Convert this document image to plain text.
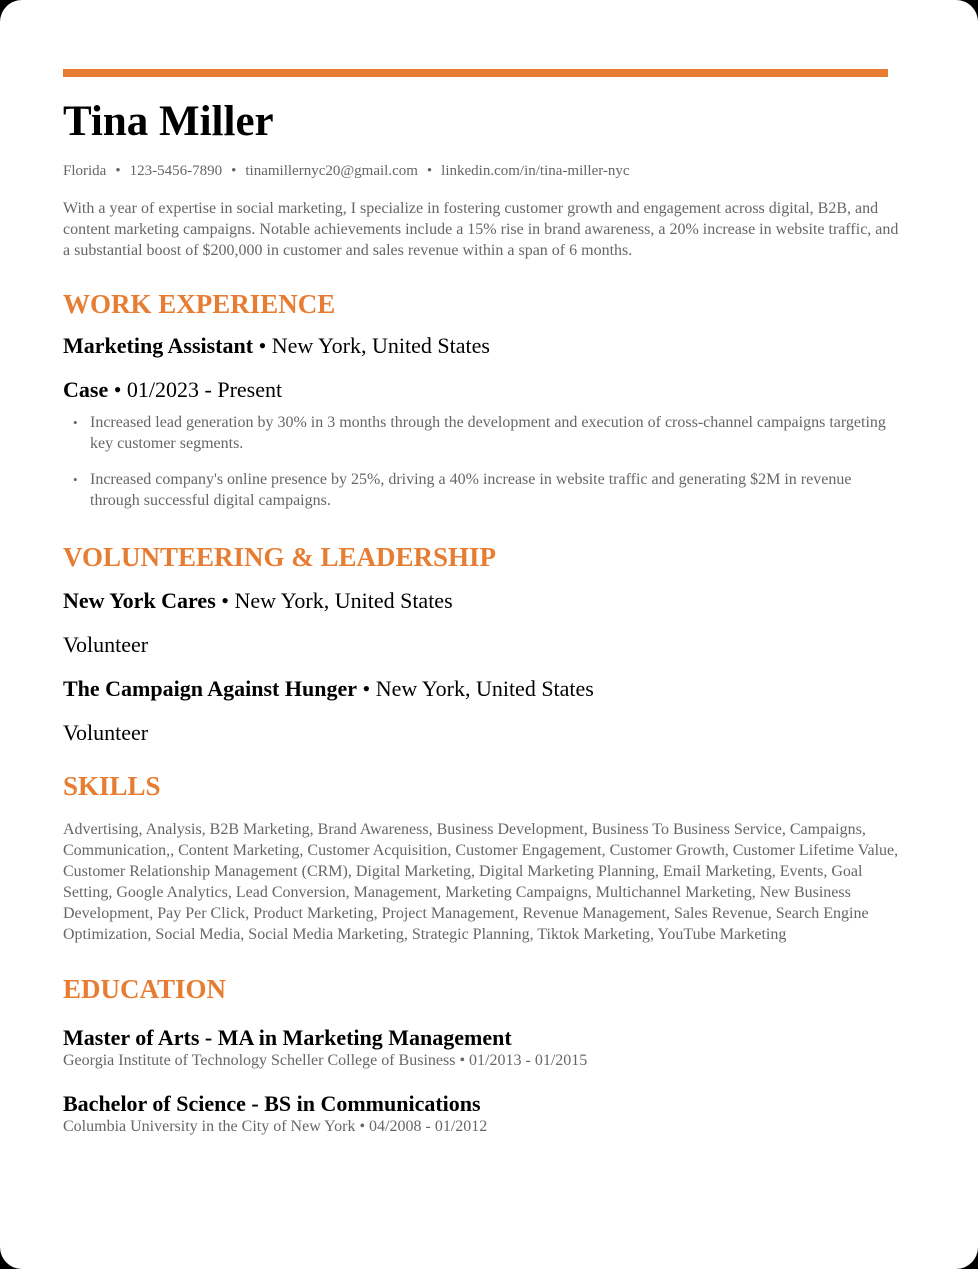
Tina Miller
Florida • 123-5456-7890 • tinamillernyc20@gmail.com • linkedin.com/in/tina-miller-nyc
With a year of expertise in social marketing, I specialize in fostering customer growth and engagement across digital, B2B, and content marketing campaigns. Notable achievements include a 15% rise in brand awareness, a 20% increase in website traffic, and a substantial boost of $200,000 in customer and sales revenue within a span of 6 months.
WORK EXPERIENCE
Marketing Assistant • New York, United States
Case • 01/2023 - Present
• Increased lead generation by 30% in 3 months through the development and execution of cross-channel campaigns targeting key customer segments.
• Increased company's online presence by 25%, driving a 40% increase in website traffic and generating $2M in revenue through successful digital campaigns.
VOLUNTEERING & LEADERSHIP
New York Cares • New York, United States
Volunteer
The Campaign Against Hunger • New York, United States
Volunteer
SKILLS
Advertising, Analysis, B2B Marketing, Brand Awareness, Business Development, Business To Business Service, Campaigns, Communication,, Content Marketing, Customer Acquisition, Customer Engagement, Customer Growth, Customer Lifetime Value, Customer Relationship Management (CRM), Digital Marketing, Digital Marketing Planning, Email Marketing, Events, Goal Setting, Google Analytics, Lead Conversion, Management, Marketing Campaigns, Multichannel Marketing, New Business Development, Pay Per Click, Product Marketing, Project Management, Revenue Management, Sales Revenue, Search Engine Optimization, Social Media, Social Media Marketing, Strategic Planning, Tiktok Marketing, YouTube Marketing
EDUCATION
Master of Arts - MA in Marketing Management
Georgia Institute of Technology Scheller College of Business • 01/2013 - 01/2015
Bachelor of Science - BS in Communications
Columbia University in the City of New York • 04/2008 - 01/2012
